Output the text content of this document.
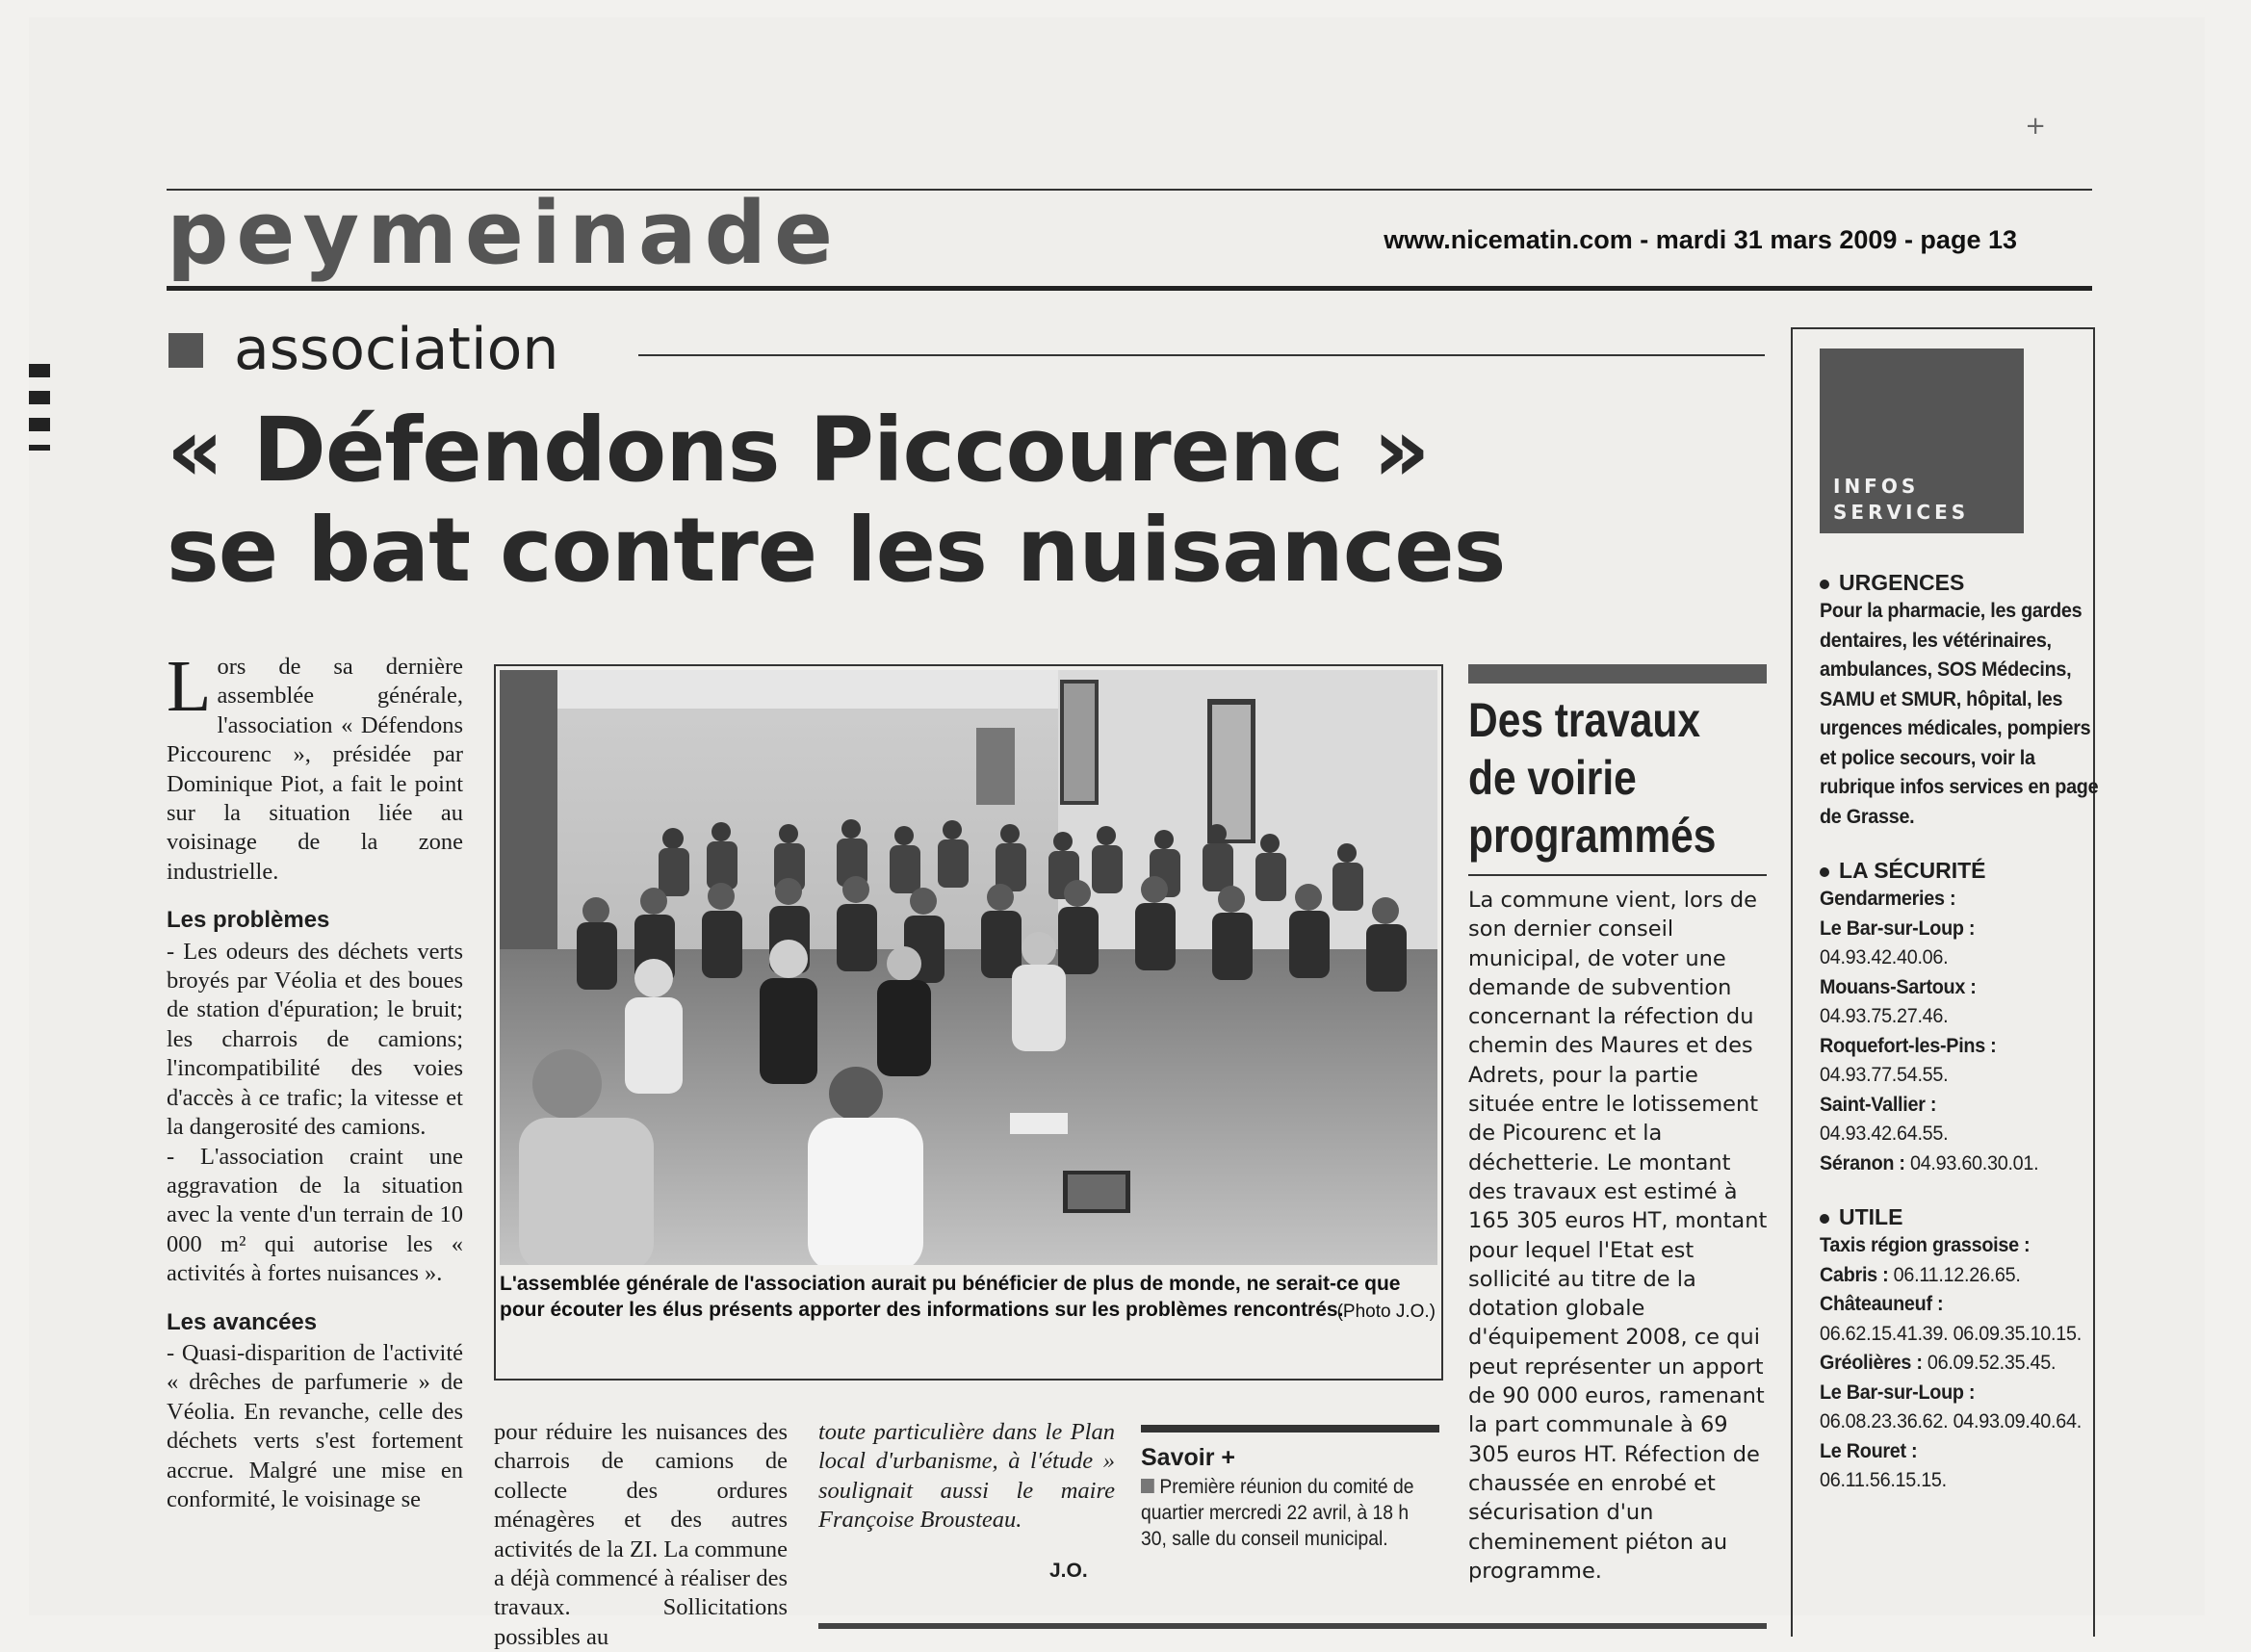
+
peymeinade	www.nicematin.com - mardi 31 mars 2009 - page 13
association
« Défendons Piccourenc »
se bat contre les nuisances

Lors de sa dernière assemblée générale, l'association « Défendons Piccourenc », présidée par Dominique Piot, a fait le point sur la situation liée au voisinage de la zone industrielle.

Les problèmes

- Les odeurs des déchets verts broyés par Véolia et des boues de station d'épuration; le bruit; les charrois de camions; l'incompatibilité des voies d'accès à ce trafic; la vitesse et la dangerosité des camions.

- L'association craint une aggravation de la situation avec la vente d'un terrain de 10 000 m² qui autorise les « activités à fortes nuisances ».

Les avancées

- Quasi-disparition de l'activité « drêches de parfumerie » de Véolia. En revanche, celle des déchets verts s'est fortement accrue. Malgré une mise en conformité, le voisinage se

L'assemblée générale de l'association aurait pu bénéficier de plus de monde, ne serait-ce que pour écouter les élus présents apporter des informations sur les problèmes rencontrés.
(Photo J.O.)

pour réduire les nuisances des charrois de camions de collecte des ordures ménagères et des autres activités de la ZI. La commune a déjà commencé à réaliser des travaux. Sollicitations possibles au

toute particulière dans le Plan local d'urbanisme, à l'étude » soulignait aussi le maire Françoise Brousteau.

J.O.
Savoir +
Première réunion du comité de quartier mercredi 22 avril, à 18 h 30, salle du conseil municipal.
Des travaux de voirie programmés
La commune vient, lors de son dernier conseil municipal, de voter une demande de subvention concernant la réfection du chemin des Maures et des Adrets, pour la partie située entre le lotissement de Picourenc et la déchetterie. Le montant des travaux est estimé à 165 305 euros HT, montant pour lequel l'Etat est sollicité au titre de la dotation globale d'équipement 2008, ce qui peut représenter un apport de 90 000 euros, ramenant la part communale à 69 305 euros HT. Réfection de chaussée en enrobé et sécurisation d'un cheminement piéton au programme.
INFOS
SERVICES
URGENCES
Pour la pharmacie, les gardes dentaires, les vétérinaires, ambulances, SOS Médecins, SAMU et SMUR, hôpital, les urgences médicales, pompiers et police secours, voir la rubrique infos services en page de Grasse.
LA SÉCURITÉ
Gendarmeries :
Le Bar-sur-Loup :
04.93.42.40.06.
Mouans-Sartoux :
04.93.75.27.46.
Roquefort-les-Pins :
04.93.77.54.55.
Saint-Vallier :
04.93.42.64.55.
Séranon : 04.93.60.30.01.
UTILE
Taxis région grassoise :
Cabris : 06.11.12.26.65.
Châteauneuf :
06.62.15.41.39. 06.09.35.10.15.
Gréolières : 06.09.52.35.45.
Le Bar-sur-Loup :
06.08.23.36.62. 04.93.09.40.64.
Le Rouret :
06.11.56.15.15.
